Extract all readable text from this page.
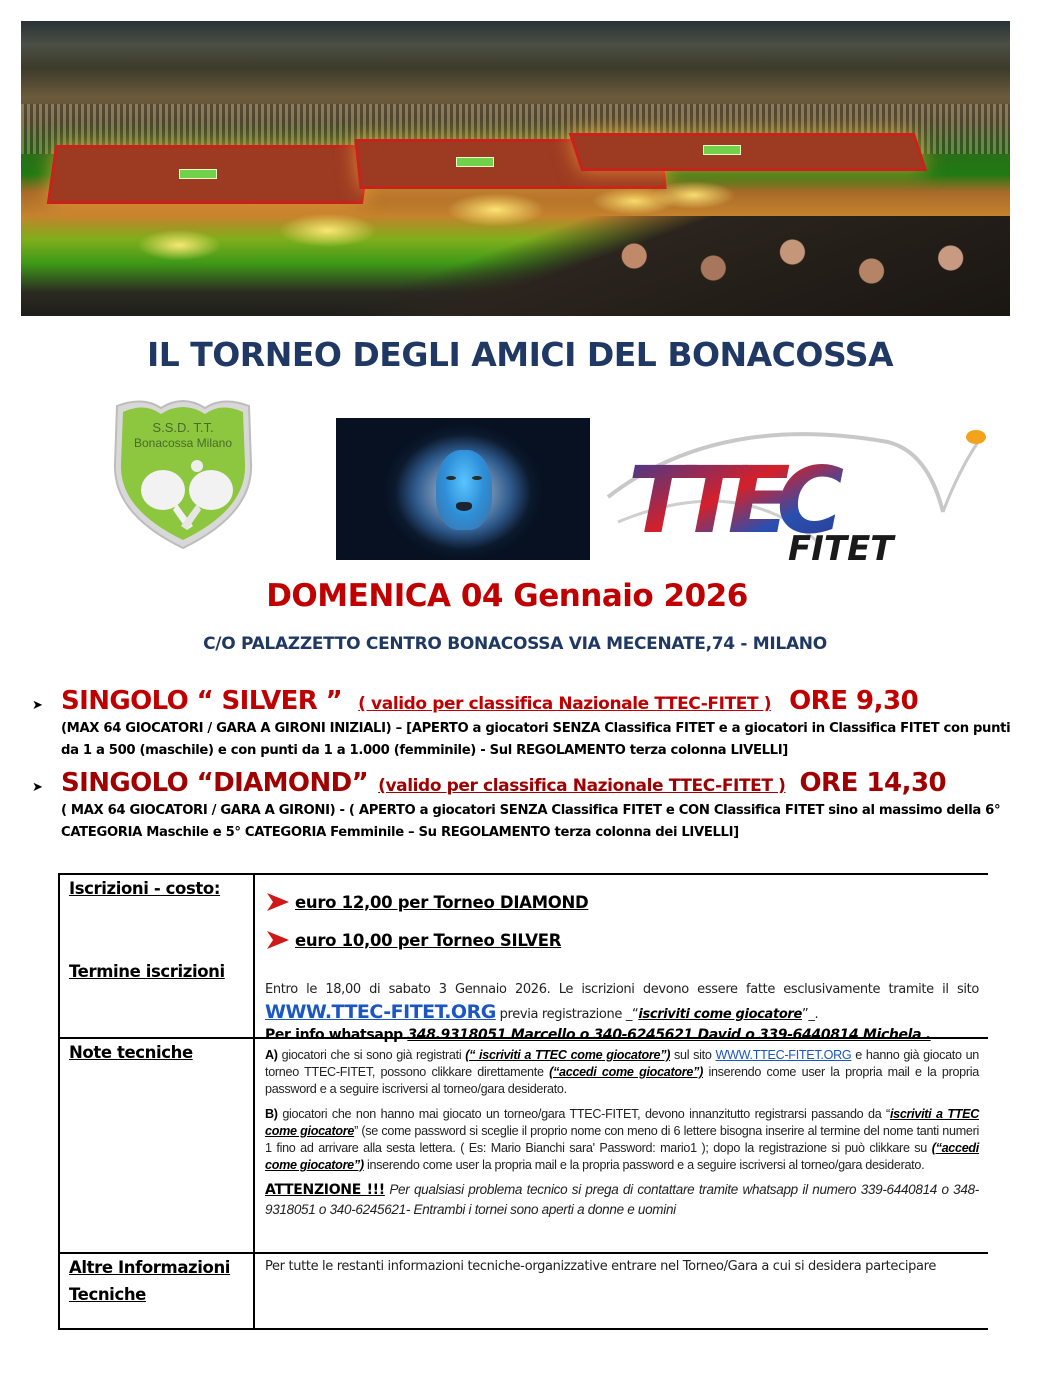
IL TORNEO DEGLI AMICI DEL BONACOSSA
S.S.D. T.T.
Bonacossa Milano
TTEC
FITET
DOMENICA 04 Gennaio 2026
C/O PALAZZETTO CENTRO BONACOSSA VIA MECENATE,74 - MILANO
➤ SINGOLO “ SILVER ” ( valido per classifica Nazionale TTEC-FITET ) ORE 9,30
(MAX 64 GIOCATORI / GARA A GIRONI INIZIALI) – [APERTO a giocatori SENZA Classifica FITET e a giocatori in Classifica FITET con punti da 1 a 500 (maschile) e con punti da 1 a 1.000 (femminile) - Sul REGOLAMENTO terza colonna LIVELLI]
➤ SINGOLO “DIAMOND” (valido per classifica Nazionale TTEC-FITET ) ORE 14,30
( MAX 64 GIOCATORI / GARA A GIRONI) - ( APERTO a giocatori SENZA Classifica FITET e CON Classifica FITET sino al massimo della 6° CATEGORIA Maschile e 5° CATEGORIA Femminile – Su REGOLAMENTO terza colonna dei LIVELLI]
Iscrizioni - costo:
Termine iscrizioni
euro 12,00 per Torneo DIAMOND
euro 10,00 per Torneo SILVER
Entro le 18,00 di sabato 3 Gennaio 2026. Le iscrizioni devono essere fatte esclusivamente tramite il sito WWW.TTEC-FITET.ORG previa registrazione _“iscriviti come giocatore”_.
Per info whatsapp 348.9318051 Marcello o 340-6245621 David o 339-6440814 Michela .
Note tecniche	A) giocatori che si sono già registrati (“ iscriviti a TTEC come giocatore”) sul sito WWW.TTEC-FITET.ORG e hanno già giocato un torneo TTEC-FITET, possono clikkare direttamente (“accedi come giocatore”) inserendo come user la propria mail e la propria password e a seguire iscriversi al torneo/gara desiderato.

B) giocatori che non hanno mai giocato un torneo/gara TTEC-FITET, devono innanzitutto registrarsi passando da “iscriviti a TTEC come giocatore” (se come password si sceglie il proprio nome con meno di 6 lettere bisogna inserire al termine del nome tanti numeri 1 fino ad arrivare alla sesta lettera. ( Es: Mario Bianchi sara' Password: mario1 ); dopo la registrazione si può clikkare su (“accedi come giocatore”) inserendo come user la propria mail e la propria password e a seguire iscriversi al torneo/gara desiderato.

ATTENZIONE !!! Per qualsiasi problema tecnico si prega di contattare tramite whatsapp il numero 339-6440814 o 348-9318051 o 340-6245621- Entrambi i tornei sono aperti a donne e uomini

Altre Informazioni
Tecniche

Per tutte le restanti informazioni tecniche-organizzative entrare nel Torneo/Gara a cui si desidera partecipare
